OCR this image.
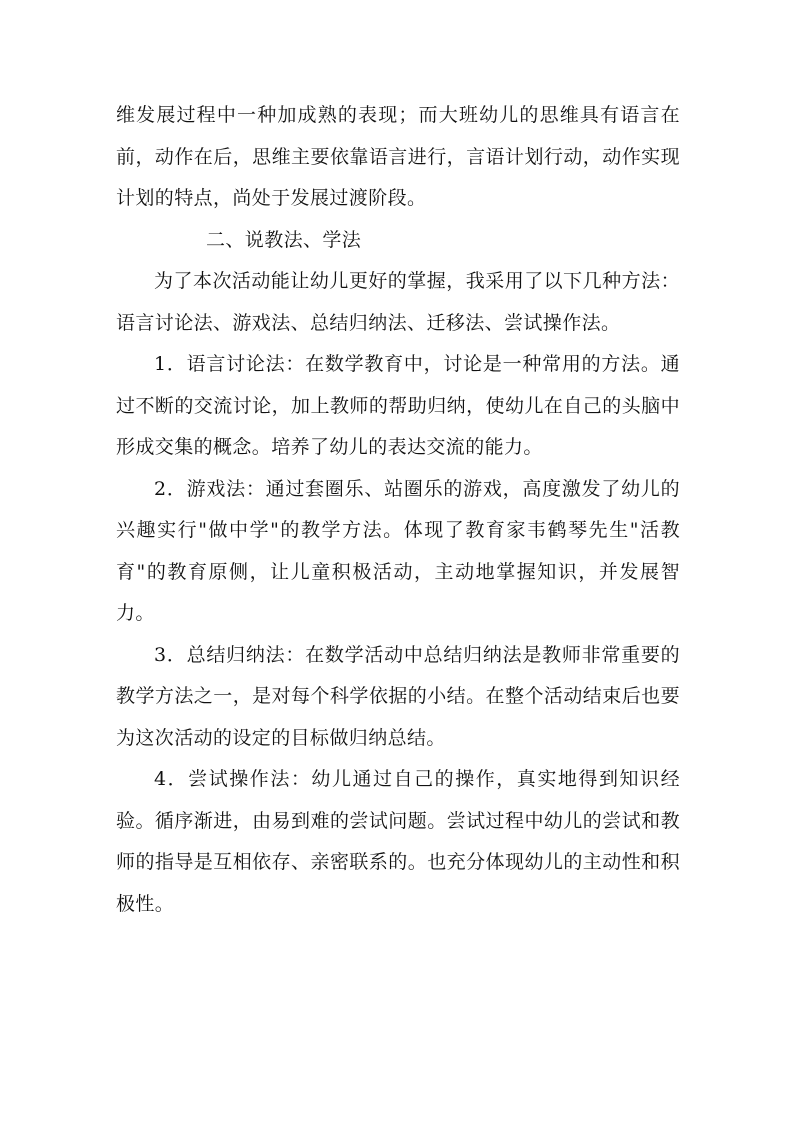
维发展过程中一种加成熟的表现；而大班幼儿的思维具有语言在前，动作在后，思维主要依靠语言进行，言语计划行动，动作实现计划的特点，尚处于发展过渡阶段。

二、说教法、学法

为了本次活动能让幼儿更好的掌握，我采用了以下几种方法：语言讨论法、游戏法、总结归纳法、迁移法、尝试操作法。

1．语言讨论法：在数学教育中，讨论是一种常用的方法。通过不断的交流讨论，加上教师的帮助归纳，使幼儿在自己的头脑中形成交集的概念。培养了幼儿的表达交流的能力。

2．游戏法：通过套圈乐、站圈乐的游戏，高度激发了幼儿的兴趣实行"做中学"的教学方法。体现了教育家韦鹤琴先生"活教育"的教育原侧，让儿童积极活动，主动地掌握知识，并发展智力。

3．总结归纳法：在数学活动中总结归纳法是教师非常重要的教学方法之一，是对每个科学依据的小结。在整个活动结束后也要为这次活动的设定的目标做归纳总结。

4．尝试操作法：幼儿通过自己的操作，真实地得到知识经验。循序渐进，由易到难的尝试问题。尝试过程中幼儿的尝试和教师的指导是互相依存、亲密联系的。也充分体现幼儿的主动性和积极性。
